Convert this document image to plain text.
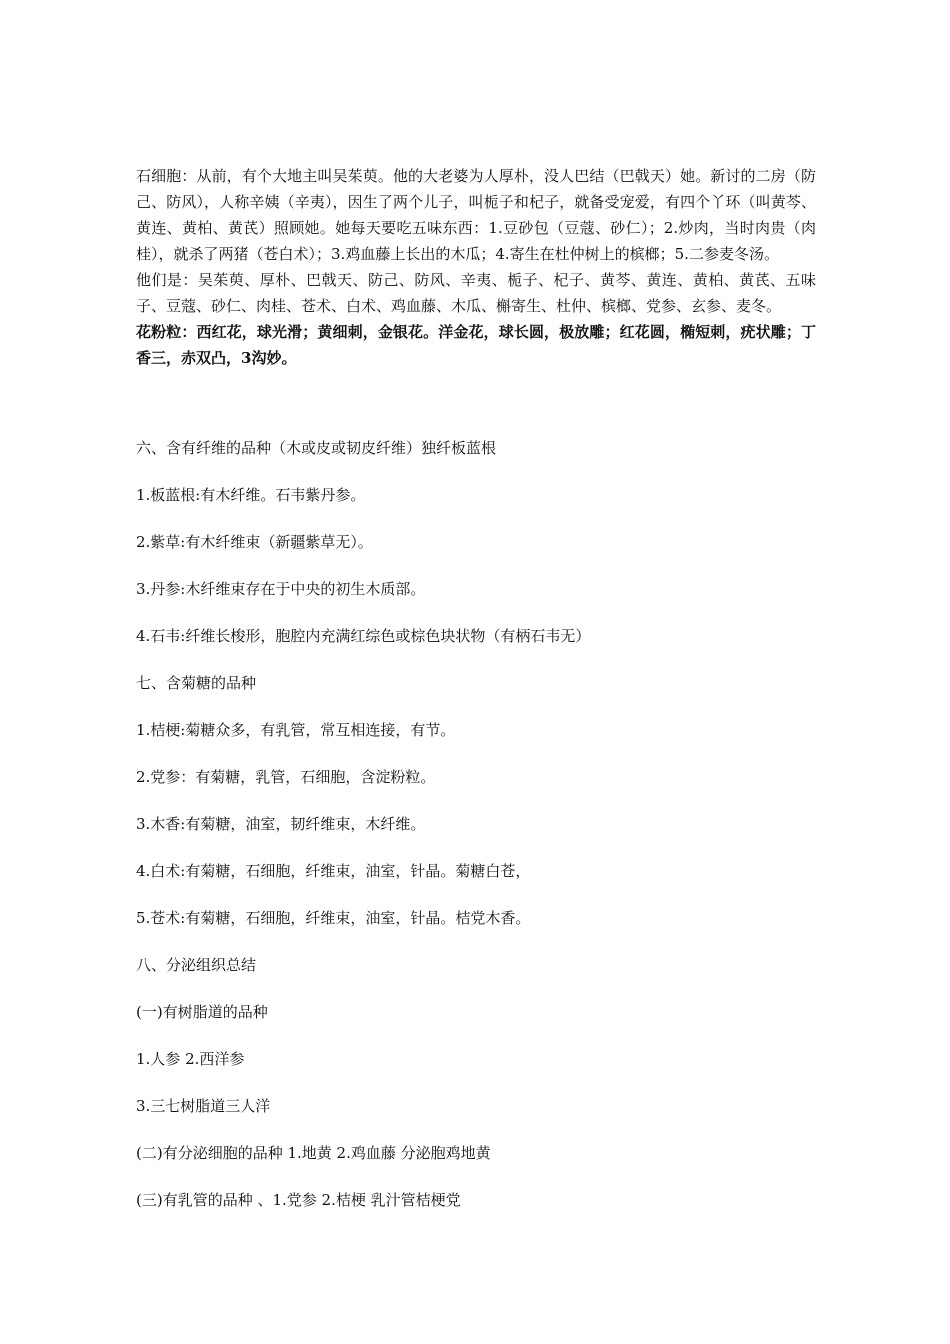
石细胞：从前，有个大地主叫吴茱萸。他的大老婆为人厚朴，没人巴结（巴戟天）她。新讨的二房（防己、防风），人称辛姨（辛夷），因生了两个儿子，叫栀子和杞子，就备受宠爱，有四个丫环（叫黄芩、黄连、黄柏、黄芪）照顾她。她每天要吃五味东西：1.豆砂包（豆蔻、砂仁）；2.炒肉，当时肉贵（肉桂），就杀了两猪（苍白术）；3.鸡血藤上长出的木瓜；4.寄生在杜仲树上的槟榔；5.二参麦冬汤。

他们是：吴茱萸、厚朴、巴戟天、防己、防风、辛夷、栀子、杞子、黄芩、黄连、黄柏、黄芪、五味子、豆蔻、砂仁、肉桂、苍术、白术、鸡血藤、木瓜、槲寄生、杜仲、槟榔、党参、玄参、麦冬。

花粉粒：西红花，球光滑；黄细刺，金银花。洋金花，球长圆，极放雕；红花圆，椭短刺，疣状雕；丁香三，赤双凸，3沟妙。

六、含有纤维的品种（木或皮或韧皮纤维）独纤板蓝根

1.板蓝根:有木纤维。石韦紫丹参。

2.紫草:有木纤维束（新疆紫草无）。

3.丹参:木纤维束存在于中央的初生木质部。

4.石韦:纤维长梭形，胞腔内充满红综色或棕色块状物（有柄石韦无）

七、含菊糖的品种

1.桔梗:菊糖众多，有乳管，常互相连接，有节。

2.党参：有菊糖，乳管，石细胞，含淀粉粒。

3.木香:有菊糖，油室，韧纤维束，木纤维。

4.白术:有菊糖，石细胞，纤维束，油室，针晶。菊糖白苍，

5.苍术:有菊糖，石细胞，纤维束，油室，针晶。桔党木香。

八、分泌组织总结

(一)有树脂道的品种

1.人参 2.西洋参

3.三七树脂道三人洋

(二)有分泌细胞的品种 1.地黄 2.鸡血藤 分泌胞鸡地黄

(三)有乳管的品种 、1.党参 2.桔梗 乳汁管桔梗党
